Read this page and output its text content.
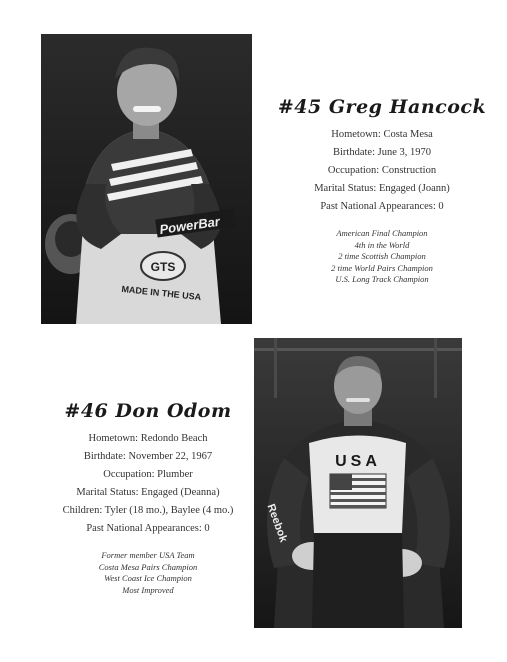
PowerBar
GTS
MADE IN THE USA
#45 Greg Hancock
Hometown: Costa Mesa
Birthdate: June 3, 1970
Occupation: Construction
Marital Status: Engaged (Joann)
Past National Appearances: 0
American Final Champion
4th in the World
2 time Scottish Champion
2 time World Pairs Champion
U.S. Long Track Champion
#46 Don Odom
Hometown: Redondo Beach
Birthdate: November 22, 1967
Occupation: Plumber
Marital Status: Engaged (Deanna)
Children: Tyler (18 mo.), Baylee (4 mo.)
Past National Appearances: 0
Former member USA Team
Costa Mesa Pairs Champion
West Coast Ice Champion
Most Improved
USA
Reebok
